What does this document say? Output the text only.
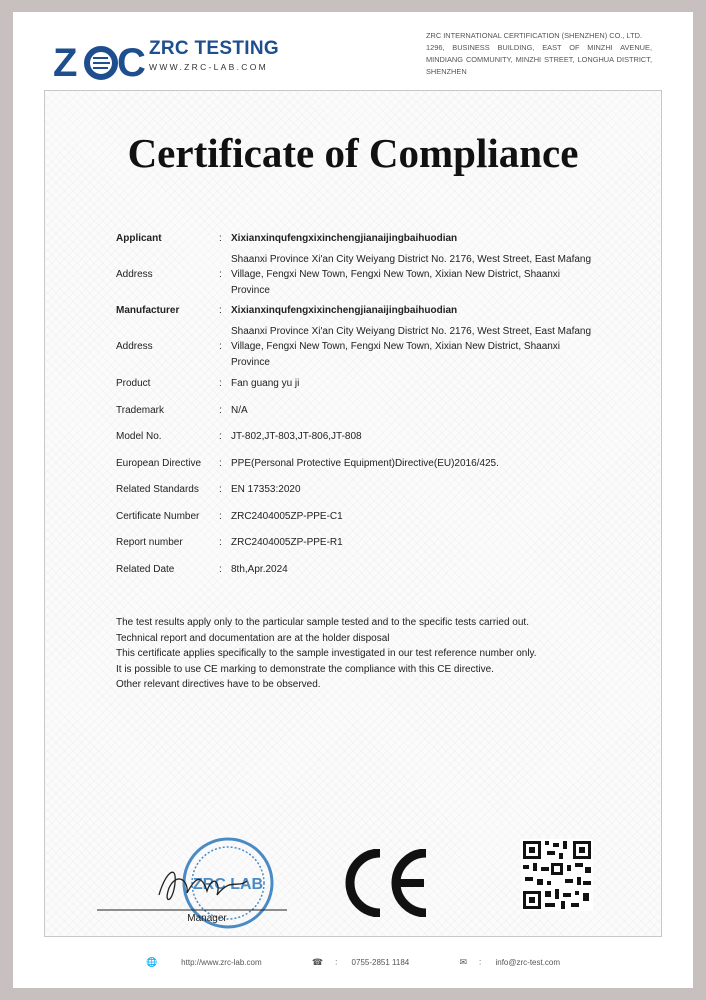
Z C ZRC TESTING
WWW.ZRC-LAB.COM
ZRC INTERNATIONAL CERTIFICATION (SHENZHEN) CO., LTD.
1296, BUSINESS BUILDING, EAST OF MINZHI AVENUE, MINDIANG COMMUNITY, MINZHI STREET, LONGHUA DISTRICT, SHENZHEN
Certificate of Compliance
Applicant	: Xixianxinqufengxixinchengjianaijingbaihuodian
Address	:
Shaanxi Province Xi'an City Weiyang District No. 2176, West Street, East Mafang Village, Fengxi New Town, Fengxi New Town, Xixian New District, Shaanxi Province
Manufacturer	: Xixianxinqufengxixinchengjianaijingbaihuodian
Address	:
Shaanxi Province Xi'an City Weiyang District No. 2176, West Street, East Mafang Village, Fengxi New Town, Fengxi New Town, Xixian New District, Shaanxi Province
Product	: Fan guang yu ji
Trademark	: N/A
Model No.	: JT-802,JT-803,JT-806,JT-808
European Directive	: PPE(Personal Protective Equipment)Directive(EU)2016/425.
Related Standards	: EN 17353:2020
Certificate Number	: ZRC2404005ZP-PPE-C1
Report number	: ZRC2404005ZP-PPE-R1
Related Date	: 8th,Apr.2024
The test results apply only to the particular sample tested and to the specific tests carried out.
Technical report and documentation are at the holder disposal
This certificate applies specifically to the sample investigated in our test reference number only.
It is possible to use CE marking to demonstrate the compliance with this CE directive.
Other relevant directives have to be observed.
ZRC LAB
Manager
🌐	http://www.zrc-lab.com	☎ : 0755-2851 1184	✉ : info@zrc-test.com
